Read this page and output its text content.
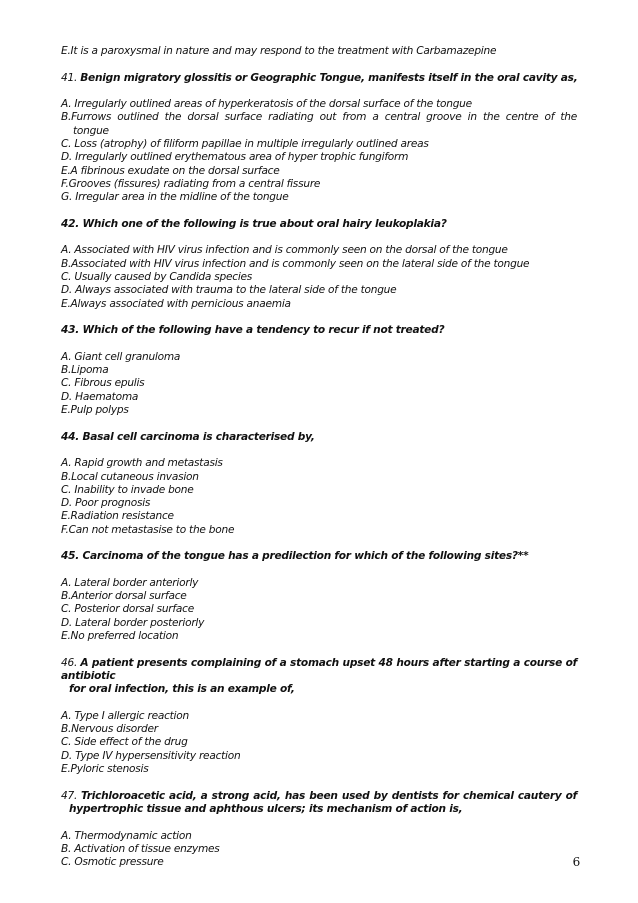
E.It is a paroxysmal in nature and may respond to the treatment with Carbamazepine
41. Benign migratory glossitis or Geographic Tongue, manifests itself in the oral cavity as,
A. Irregularly outlined areas of hyperkeratosis of the dorsal surface of the tongue
B.Furrows outlined the dorsal surface radiating out from a central groove in the centre of the
tongue
C. Loss (atrophy) of filiform papillae in multiple irregularly outlined areas
D. Irregularly outlined erythematous area of hyper trophic fungiform
E.A fibrinous exudate on the dorsal surface
F.Grooves (fissures) radiating from a central fissure
G. Irregular area in the midline of the tongue
42. Which one of the following is true about oral hairy leukoplakia?
A. Associated with HIV virus infection and is commonly seen on the dorsal of the tongue
B.Associated with HIV virus infection and is commonly seen on the lateral side of the tongue
C. Usually caused by Candida species
D. Always associated with trauma to the lateral side of the tongue
E.Always associated with pernicious anaemia
43. Which of the following have a tendency to recur if not treated?
A. Giant cell granuloma
B.Lipoma
C. Fibrous epulis
D. Haematoma
E.Pulp polyps
44. Basal cell carcinoma is characterised by,
A. Rapid growth and metastasis
B.Local cutaneous invasion
C. Inability to invade bone
D. Poor prognosis
E.Radiation resistance
F.Can not metastasise to the bone
45. Carcinoma of the tongue has a predilection for which of the following sites?**
A. Lateral border anteriorly
B.Anterior dorsal surface
C. Posterior dorsal surface
D. Lateral border posteriorly
E.No preferred location
46. A patient presents complaining of a stomach upset 48 hours after starting a course of antibiotic
for oral infection, this is an example of,
A. Type I allergic reaction
B.Nervous disorder
C. Side effect of the drug
D. Type IV hypersensitivity reaction
E.Pyloric stenosis
47. Trichloroacetic acid, a strong acid, has been used by dentists for chemical cautery of
hypertrophic tissue and aphthous ulcers; its mechanism of action is,
A. Thermodynamic action
B. Activation of tissue enzymes
C. Osmotic pressure	6
